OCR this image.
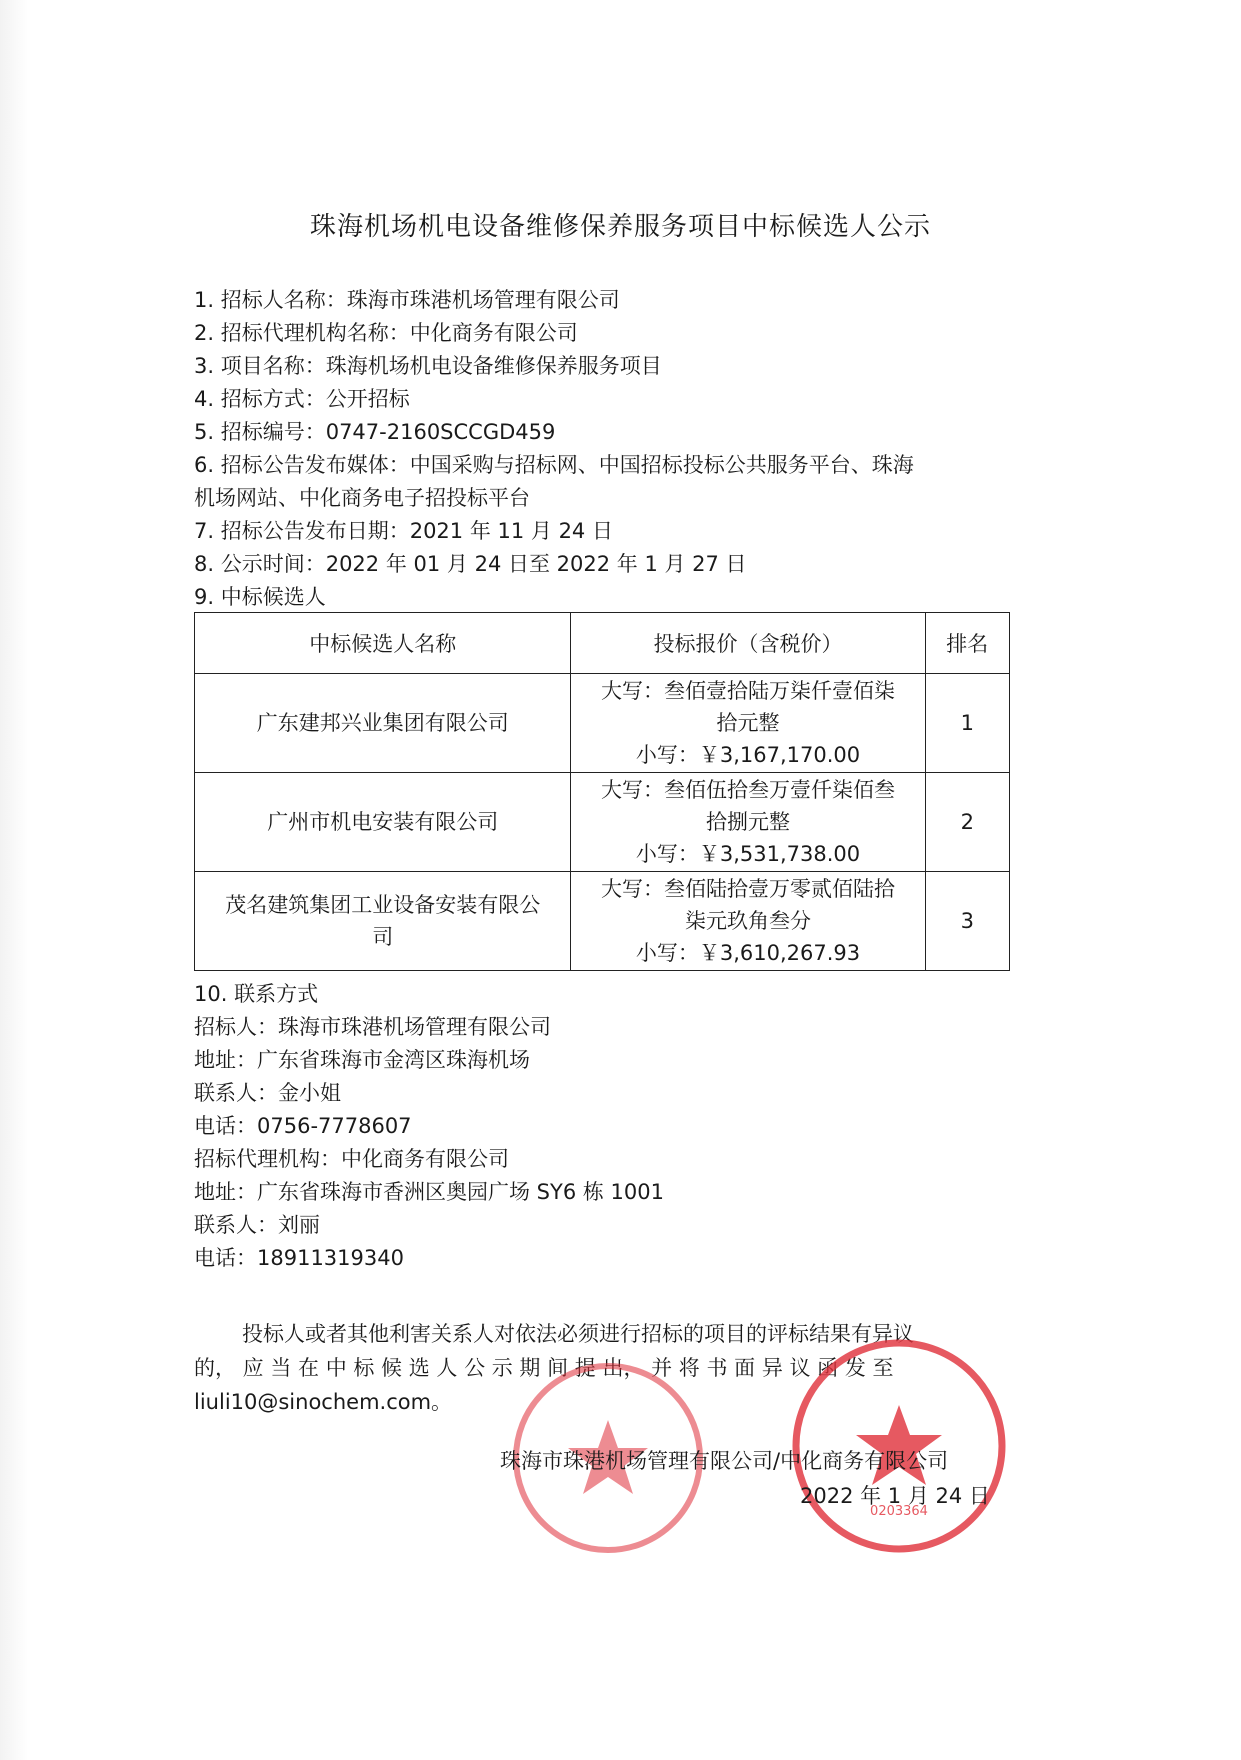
珠海机场机电设备维修保养服务项目中标候选人公示
1. 招标人名称：珠海市珠港机场管理有限公司
2. 招标代理机构名称：中化商务有限公司
3. 项目名称：珠海机场机电设备维修保养服务项目
4. 招标方式：公开招标
5. 招标编号：0747-2160SCCGD459
6. 招标公告发布媒体：中国采购与招标网、中国招标投标公共服务平台、珠海
机场网站、中化商务电子招投标平台
7. 招标公告发布日期：2021 年 11 月 24 日
8. 公示时间：2022 年 01 月 24 日至 2022 年 1 月 27 日
9. 中标候选人
中标候选人名称	投标报价（含税价）	排名
广东建邦兴业集团有限公司	大写：叁佰壹拾陆万柒仟壹佰柒
拾元整
小写：￥3,167,170.00	1
广州市机电安装有限公司	大写：叁佰伍拾叁万壹仟柒佰叁
拾捌元整
小写：￥3,531,738.00	2

茂名建筑集团工业设备安装有限公
司	大写：叁佰陆拾壹万零贰佰陆拾
柒元玖角叁分
小写：￥3,610,267.93	3
10. 联系方式
招标人：珠海市珠港机场管理有限公司
地址：广东省珠海市金湾区珠海机场
联系人：金小姐
电话：0756-7778607
招标代理机构：中化商务有限公司
地址：广东省珠海市香洲区奥园广场 SY6 栋 1001
联系人：刘丽
电话：18911319340
投标人或者其他利害关系人对依法必须进行招标的项目的评标结果有异议
的， 应 当 在 中 标 候 选 人 公 示 期 间 提 出， 并 将 书 面 异 议 函 发 至
liuli10@sinochem.com。
0203364
珠海市珠港机场管理有限公司/中化商务有限公司
2022 年 1 月 24 日
